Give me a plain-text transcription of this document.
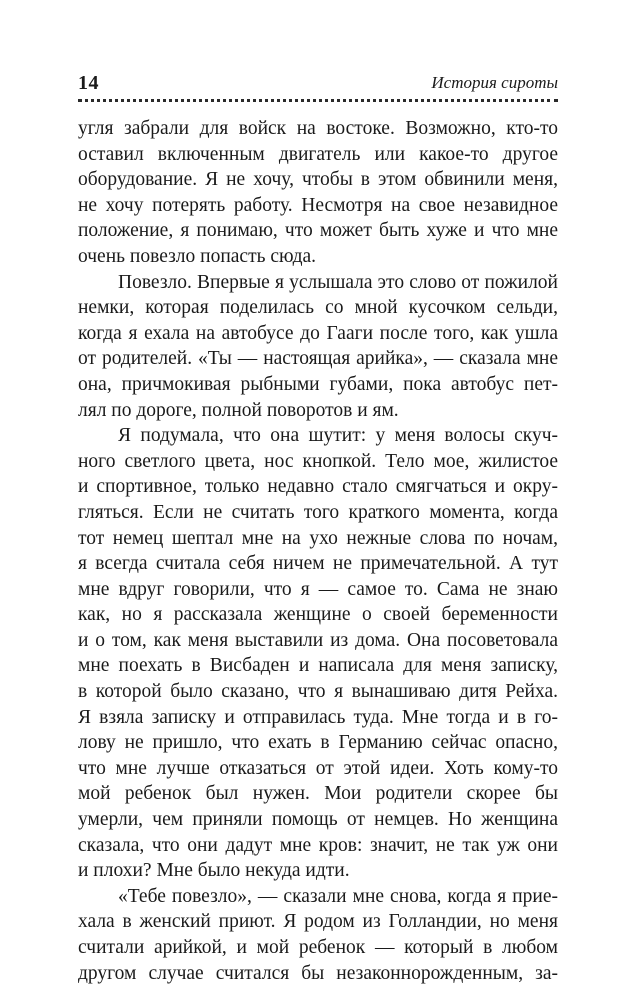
14	История сироты
угля забрали для войск на востоке. Возможно, кто-то
оставил включенным двигатель или какое-то другое
оборудование. Я не хочу, чтобы в этом обвинили меня,
не хочу потерять работу. Несмотря на свое незавидное
положение, я понимаю, что может быть хуже и что мне
очень повезло попасть сюда.
Повезло. Впервые я услышала это слово от пожилой
немки, которая поделилась со мной кусочком сельди,
когда я ехала на автобусе до Гааги после того, как ушла
от родителей. «Ты — настоящая арийка», — сказала мне
она, причмокивая рыбными губами, пока автобус пет-
лял по дороге, полной поворотов и ям.
Я подумала, что она шутит: у меня волосы скуч-
ного светлого цвета, нос кнопкой. Тело мое, жилистое
и спортивное, только недавно стало смягчаться и окру-
гляться. Если не считать того краткого момента, когда
тот немец шептал мне на ухо нежные слова по ночам,
я всегда считала себя ничем не примечательной. А тут
мне вдруг говорили, что я — самое то. Сама не знаю
как, но я рассказала женщине о своей беременности
и о том, как меня выставили из дома. Она посоветовала
мне поехать в Висбаден и написала для меня записку,
в которой было сказано, что я вынашиваю дитя Рейха.
Я взяла записку и отправилась туда. Мне тогда и в го-
лову не пришло, что ехать в Германию сейчас опасно,
что мне лучше отказаться от этой идеи. Хоть кому-то
мой ребенок был нужен. Мои родители скорее бы
умерли, чем приняли помощь от немцев. Но женщина
сказала, что они дадут мне кров: значит, не так уж они
и плохи? Мне было некуда идти.
«Тебе повезло», — сказали мне снова, когда я прие-
хала в женский приют. Я родом из Голландии, но меня
считали арийкой, и мой ребенок — который в любом
другом случае считался бы незаконнорожденным, за-
